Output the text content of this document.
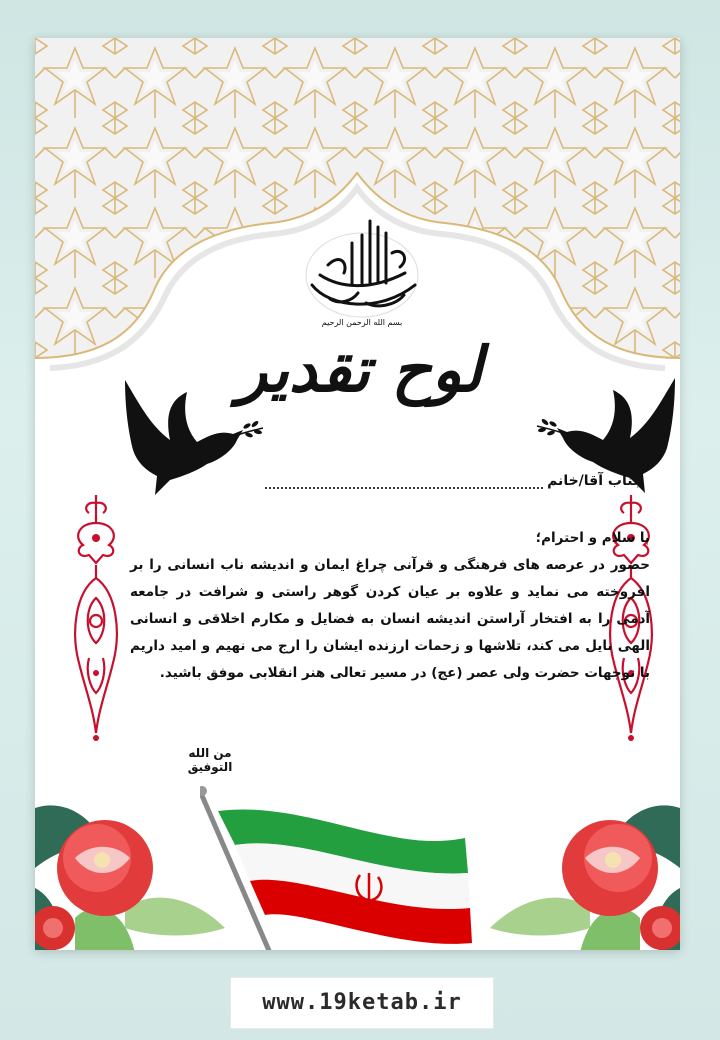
بسم الله الرحمن الرحیم
لوح تقدیر
جناب آقا/خانم
با سلام و احترام؛
حضور در عرصه های فرهنگی و قرآنی چراغ ایمان و اندیشه ناب انسانی را بر افروخته می نماید و علاوه بر عیان کردن گوهر راستی و شرافت در جامعه آدمی را به افتخار آراستن اندیشه انسان به فضایل و مکارم اخلاقی و انسانی الهی نایل می کند، تلاشها و زحمات ارزنده ایشان را ارج می نهیم و امید داریم با توجهات حضرت ولی عصر (عج) در مسیر تعالی هنر انقلابی موفق باشید.
من الله التوفیق
www.19ketab.ir
